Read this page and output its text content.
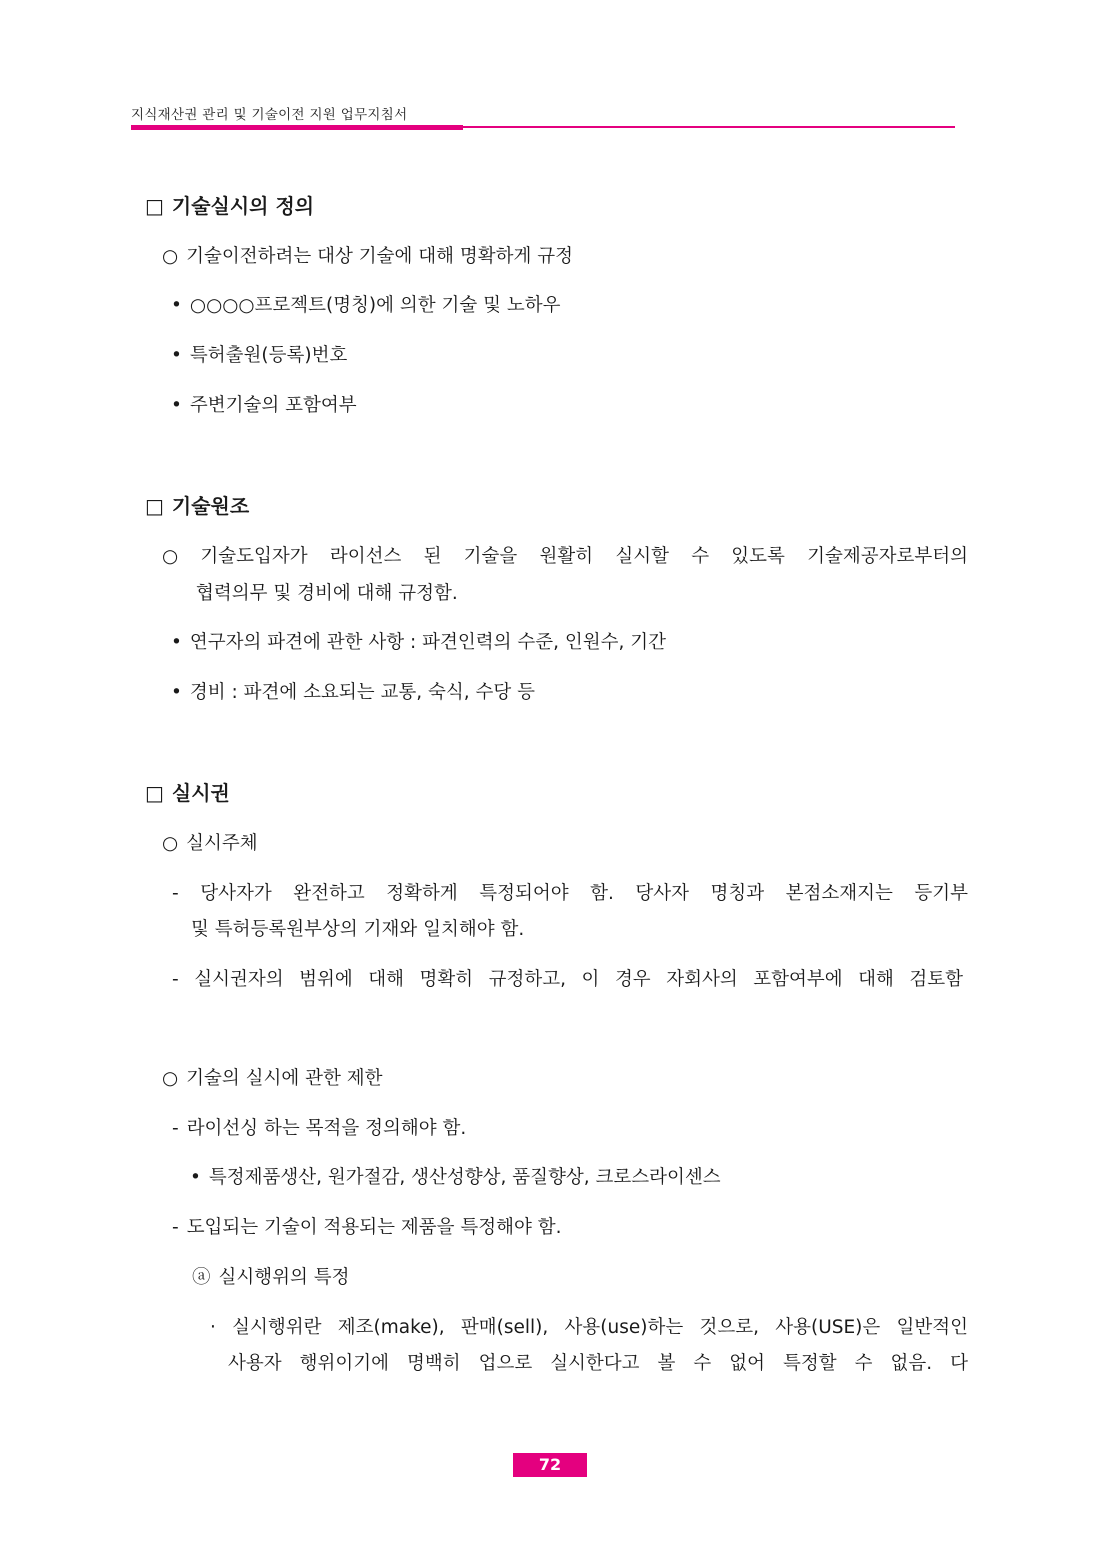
지식재산권 관리 및 기술이전 지원 업무지침서
□ 기술실시의 정의
○ 기술이전하려는 대상 기술에 대해 명확하게 규정
• ○○○○프로젝트(명칭)에 의한 기술 및 노하우
• 특허출원(등록)번호
• 주변기술의 포함여부
□ 기술원조
○ 기술도입자가 라이선스 된 기술을 원활히 실시할 수 있도록 기술제공자로부터의
협력의무 및 경비에 대해 규정함.
• 연구자의 파견에 관한 사항 : 파견인력의 수준, 인원수, 기간
• 경비 : 파견에 소요되는 교통, 숙식, 수당 등
□ 실시권
○ 실시주체
- 당사자가 완전하고 정확하게 특정되어야 함. 당사자 명칭과 본점소재지는 등기부
및 특허등록원부상의 기재와 일치해야 함.
- 실시권자의 범위에 대해 명확히 규정하고, 이 경우 자회사의 포함여부에 대해 검토함
○ 기술의 실시에 관한 제한
- 라이선싱 하는 목적을 정의해야 함.
• 특정제품생산, 원가절감, 생산성향상, 품질향상, 크로스라이센스
- 도입되는 기술이 적용되는 제품을 특정해야 함.
ⓐ 실시행위의 특정
· 실시행위란 제조(make), 판매(sell), 사용(use)하는 것으로, 사용(USE)은 일반적인
사용자 행위이기에 명백히 업으로 실시한다고 볼 수 없어 특정할 수 없음. 다
72
